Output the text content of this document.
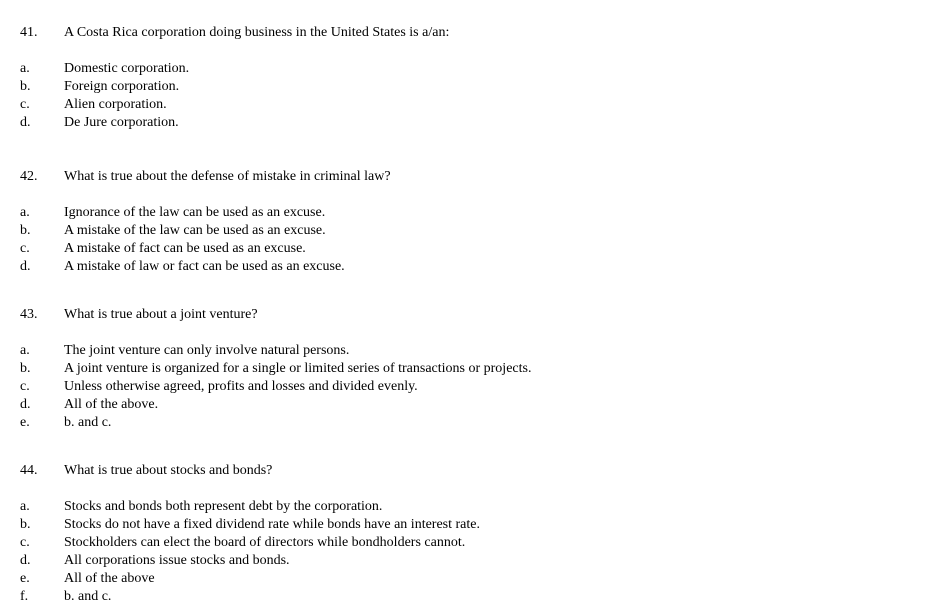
41. A Costa Rica corporation doing business in the United States is a/an:
a. Domestic corporation.
b. Foreign corporation.
c. Alien corporation.
d. De Jure corporation.
42. What is true about the defense of mistake in criminal law?
a. Ignorance of the law can be used as an excuse.
b. A mistake of the law can be used as an excuse.
c. A mistake of fact can be used as an excuse.
d. A mistake of law or fact can be used as an excuse.
43. What is true about a joint venture?
a. The joint venture can only involve natural persons.
b. A joint venture is organized for a single or limited series of transactions or projects.
c. Unless otherwise agreed, profits and losses and divided evenly.
d. All of the above.
e. b. and c.
44. What is true about stocks and bonds?
a. Stocks and bonds both represent debt by the corporation.
b. Stocks do not have a fixed dividend rate while bonds have an interest rate.
c. Stockholders can elect the board of directors while bondholders cannot.
d. All corporations issue stocks and bonds.
e. All of the above
f.	b. and c.
